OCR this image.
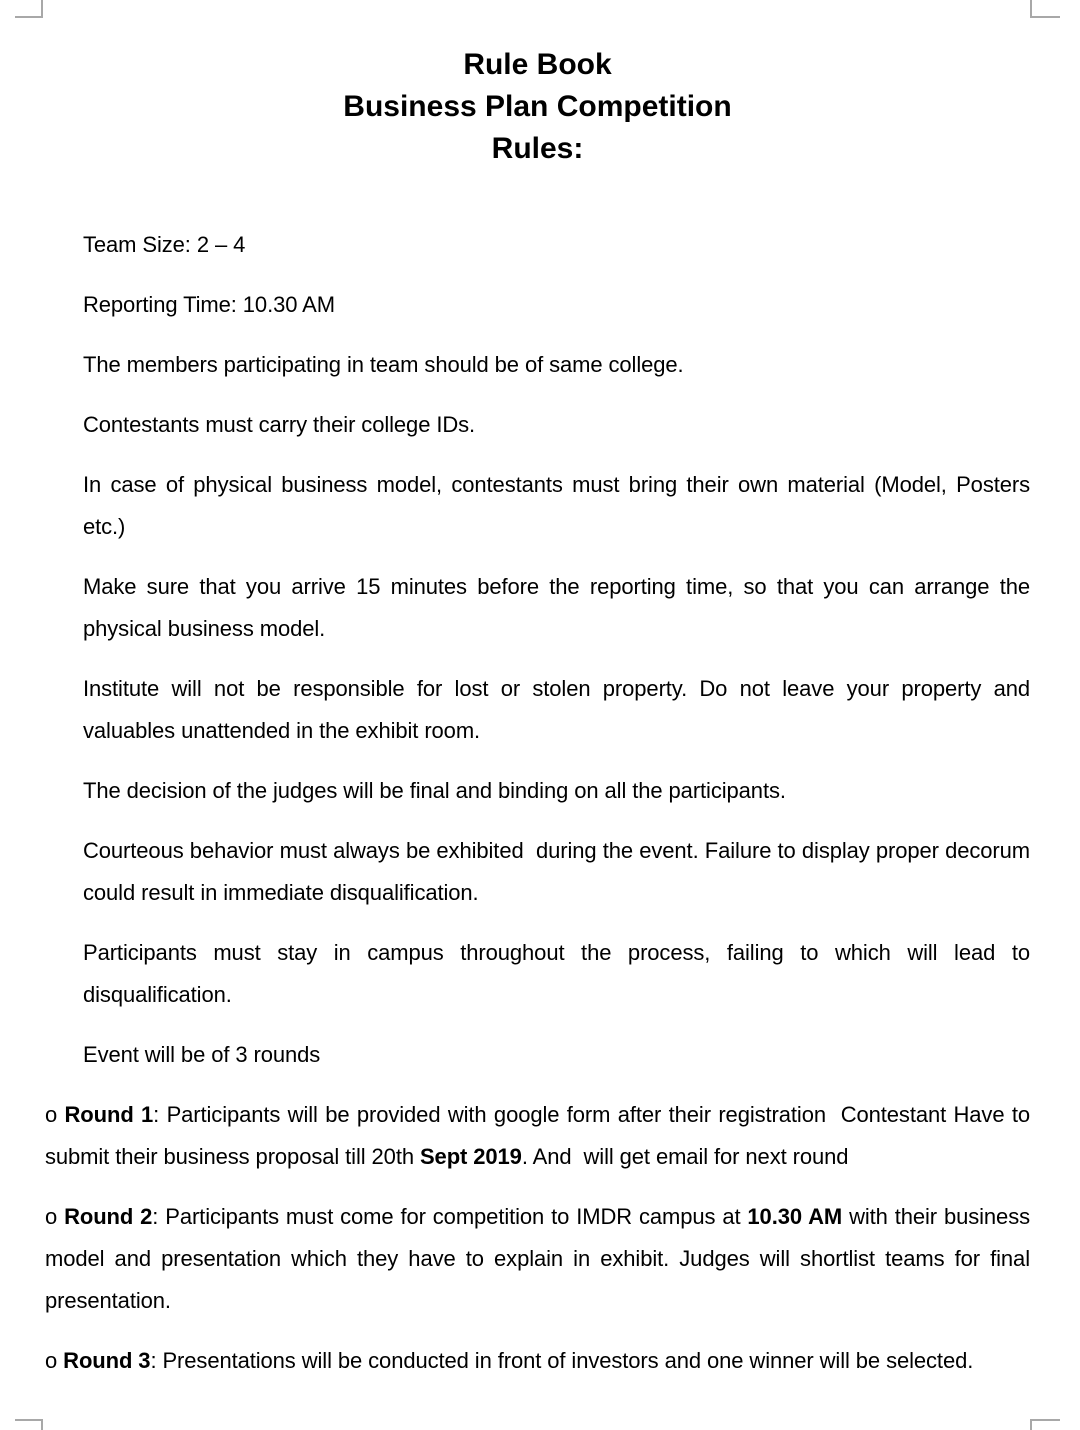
Rule Book
Business Plan Competition
Rules:

Team Size: 2 – 4

Reporting Time: 10.30 AM

The members participating in team should be of same college.

Contestants must carry their college IDs.

In case of physical business model, contestants must bring their own material (Model, Posters etc.)

Make sure that you arrive 15 minutes before the reporting time, so that you can arrange the physical business model.

Institute will not be responsible for lost or stolen property. Do not leave your property and valuables unattended in the exhibit room.

The decision of the judges will be final and binding on all the participants.

Courteous behavior must always be exhibited  during the event. Failure to display proper decorum could result in immediate disqualification.

Participants must stay in campus throughout the process, failing to which will lead to disqualification.

Event will be of 3 rounds

o Round 1: Participants will be provided with google form after their registration  Contestant Have to submit their business proposal till 20th Sept 2019. And  will get email for next round

o Round 2: Participants must come for competition to IMDR campus at 10.30 AM with their business model and presentation which they have to explain in exhibit. Judges will shortlist teams for final presentation.

o Round 3: Presentations will be conducted in front of investors and one winner will be selected.
